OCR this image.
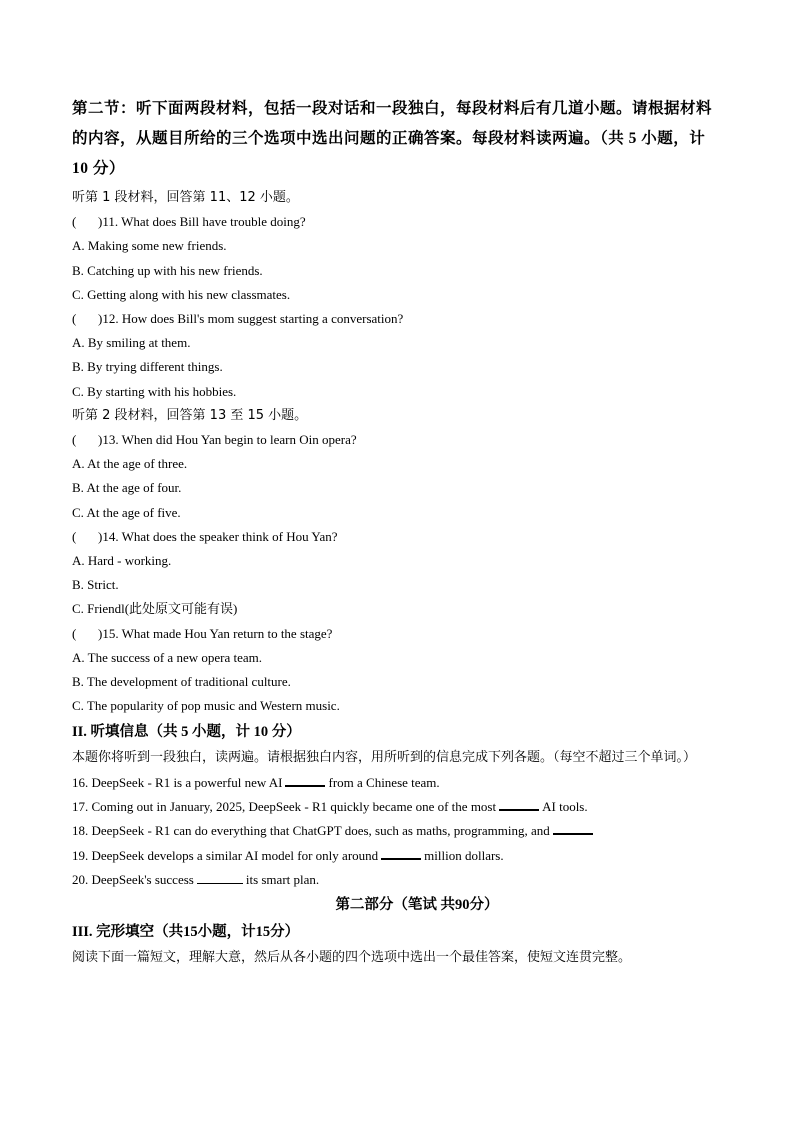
第二节：听下面两段材料，包括一段对话和一段独白，每段材料后有几道小题。请根据材料的内容，从题目所给的三个选项中选出问题的正确答案。每段材料读两遍。（共 5 小题，计 10 分）

听第 1 段材料，回答第 11、12 小题。

( )11. What does Bill have trouble doing?

A. Making some new friends.

B. Catching up with his new friends.

C. Getting along with his new classmates.

( )12. How does Bill's mom suggest starting a conversation?

A. By smiling at them.

B. By trying different things.

C. By starting with his hobbies.

听第 2 段材料，回答第 13 至 15 小题。

( )13. When did Hou Yan begin to learn Oin opera?

A. At the age of three.

B. At the age of four.

C. At the age of five.

( )14. What does the speaker think of Hou Yan?

A. Hard - working.

B. Strict.

C. Friendl(此处原文可能有误)

( )15. What made Hou Yan return to the stage?

A. The success of a new opera team.

B. The development of traditional culture.

C. The popularity of pop music and Western music.

II. 听填信息（共 5 小题，计 10 分）

本题你将听到一段独白，读两遍。请根据独白内容，用所听到的信息完成下列各题。（每空不超过三个单词。）

16. DeepSeek - R1 is a powerful new AI	from a Chinese team.

17. Coming out in January, 2025, DeepSeek - R1 quickly became one of the most	AI tools.

18. DeepSeek - R1 can do everything that ChatGPT does, such as maths, programming, and

19. DeepSeek develops a similar AI model for only around	million dollars.

20. DeepSeek's success	its smart plan.

第二部分（笔试 共90分）

III. 完形填空（共15小题，计15分）

阅读下面一篇短文，理解大意，然后从各小题的四个选项中选出一个最佳答案，使短文连贯完整。
